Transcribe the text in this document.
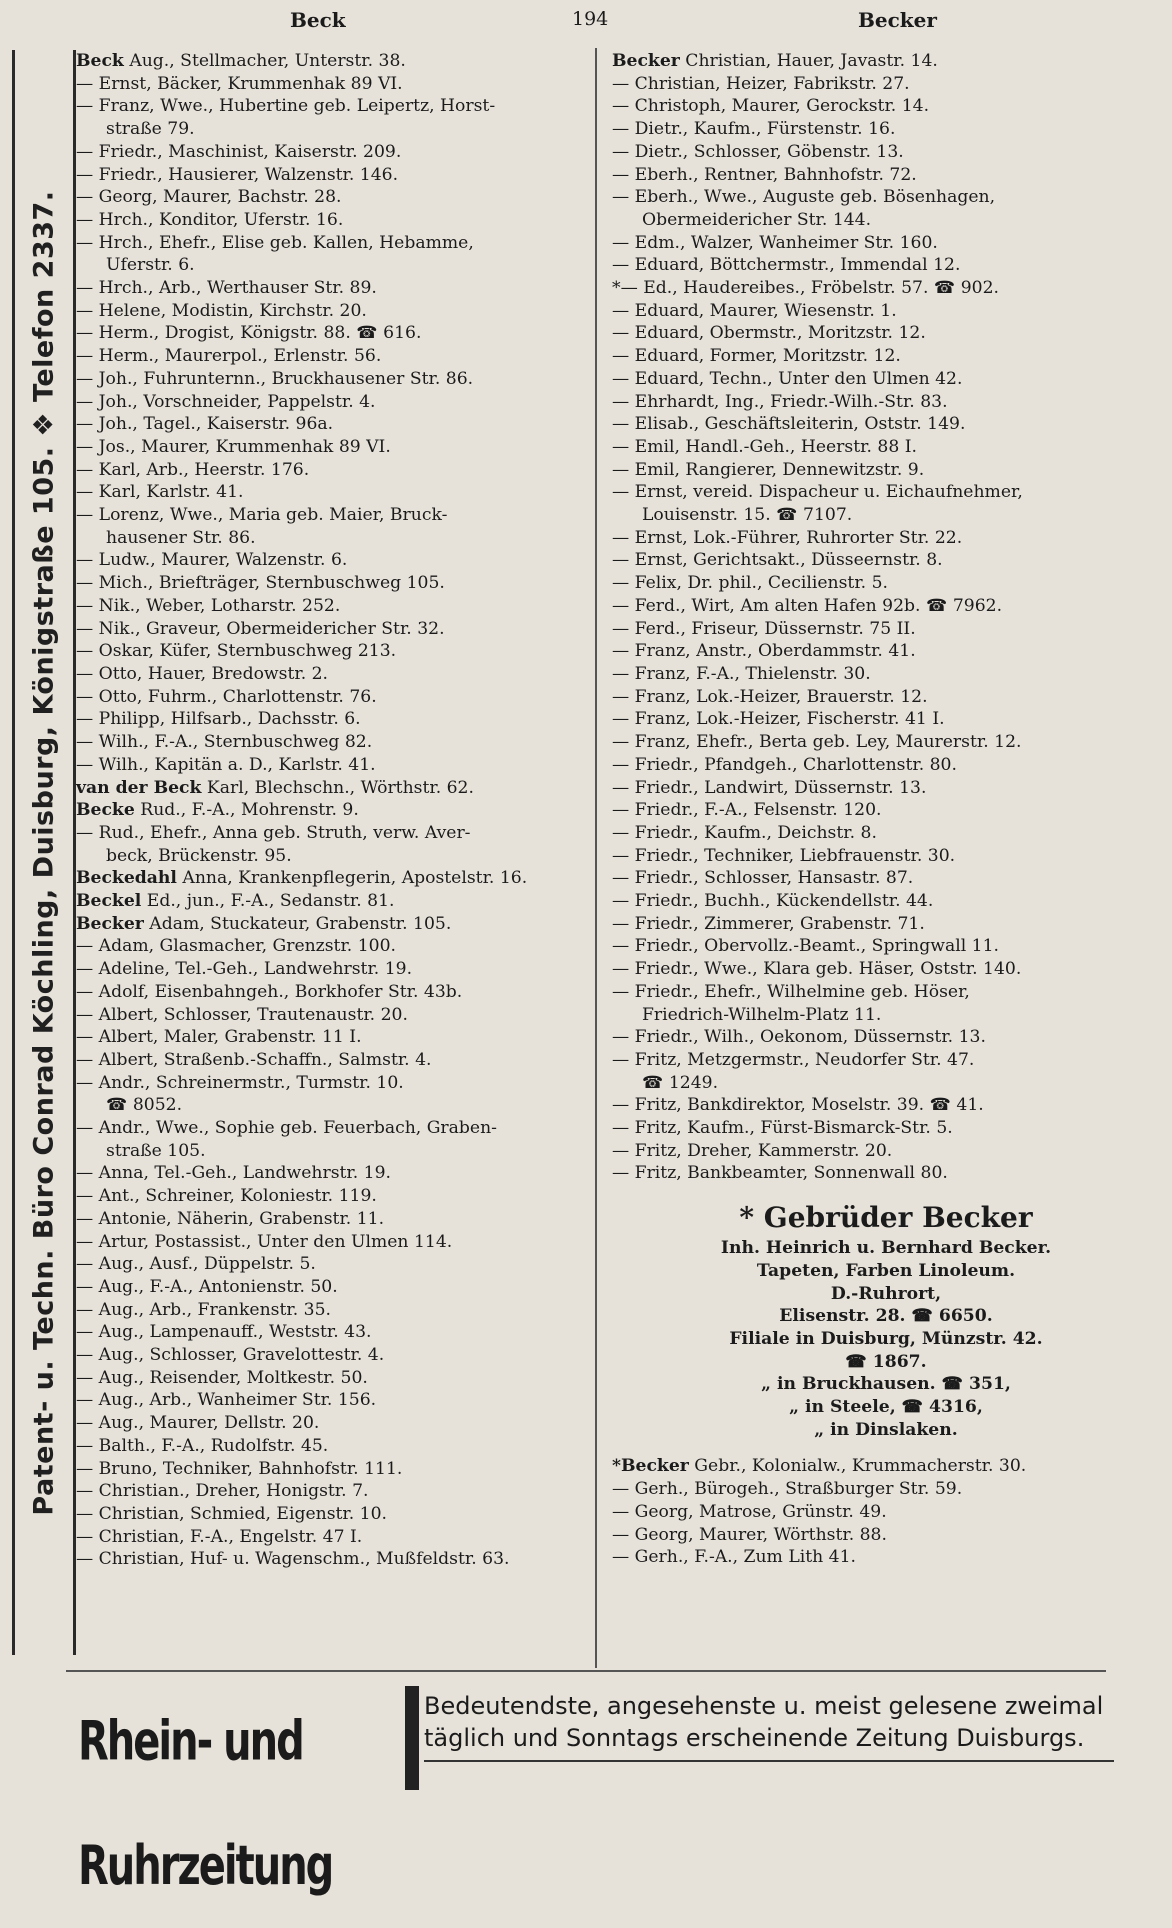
Patent- u. Techn. Büro Conrad Köchling, Duisburg, Königstraße 105. ❖ Telefon 2337.
Beck	194	Becker
Beck Aug., Stellmacher, Unterstr. 38.
— Ernst, Bäcker, Krummenhak 89 VI.
— Franz, Wwe., Hubertine geb. Leipertz, Horst-
straße 79.
— Friedr., Maschinist, Kaiserstr. 209.
— Friedr., Hausierer, Walzenstr. 146.
— Georg, Maurer, Bachstr. 28.
— Hrch., Konditor, Uferstr. 16.
— Hrch., Ehefr., Elise geb. Kallen, Hebamme,
Uferstr. 6.
— Hrch., Arb., Werthauser Str. 89.
— Helene, Modistin, Kirchstr. 20.
— Herm., Drogist, Königstr. 88. ☎ 616.
— Herm., Maurerpol., Erlenstr. 56.
— Joh., Fuhrunternn., Bruckhausener Str. 86.
— Joh., Vorschneider, Pappelstr. 4.
— Joh., Tagel., Kaiserstr. 96a.
— Jos., Maurer, Krummenhak 89 VI.
— Karl, Arb., Heerstr. 176.
— Karl, Karlstr. 41.
— Lorenz, Wwe., Maria geb. Maier, Bruck-
hausener Str. 86.
— Ludw., Maurer, Walzenstr. 6.
— Mich., Briefträger, Sternbuschweg 105.
— Nik., Weber, Lotharstr. 252.
— Nik., Graveur, Obermeidericher Str. 32.
— Oskar, Küfer, Sternbuschweg 213.
— Otto, Hauer, Bredowstr. 2.
— Otto, Fuhrm., Charlottenstr. 76.
— Philipp, Hilfsarb., Dachsstr. 6.
— Wilh., F.-A., Sternbuschweg 82.
— Wilh., Kapitän a. D., Karlstr. 41.
van der Beck Karl, Blechschn., Wörthstr. 62.
Becke Rud., F.-A., Mohrenstr. 9.
— Rud., Ehefr., Anna geb. Struth, verw. Aver-
beck, Brückenstr. 95.
Beckedahl Anna, Krankenpflegerin, Apostelstr. 16.
Beckel Ed., jun., F.-A., Sedanstr. 81.
Becker Adam, Stuckateur, Grabenstr. 105.
— Adam, Glasmacher, Grenzstr. 100.
— Adeline, Tel.-Geh., Landwehrstr. 19.
— Adolf, Eisenbahngeh., Borkhofer Str. 43b.
— Albert, Schlosser, Trautenaustr. 20.
— Albert, Maler, Grabenstr. 11 I.
— Albert, Straßenb.-Schaffn., Salmstr. 4.
— Andr., Schreinermstr., Turmstr. 10.
☎ 8052.
— Andr., Wwe., Sophie geb. Feuerbach, Graben-
straße 105.
— Anna, Tel.-Geh., Landwehrstr. 19.
— Ant., Schreiner, Koloniestr. 119.
— Antonie, Näherin, Grabenstr. 11.
— Artur, Postassist., Unter den Ulmen 114.
— Aug., Ausf., Düppelstr. 5.
— Aug., F.-A., Antonienstr. 50.
— Aug., Arb., Frankenstr. 35.
— Aug., Lampenauff., Weststr. 43.
— Aug., Schlosser, Gravelottestr. 4.
— Aug., Reisender, Moltkestr. 50.
— Aug., Arb., Wanheimer Str. 156.
— Aug., Maurer, Dellstr. 20.
— Balth., F.-A., Rudolfstr. 45.
— Bruno, Techniker, Bahnhofstr. 111.
— Christian., Dreher, Honigstr. 7.
— Christian, Schmied, Eigenstr. 10.
— Christian, F.-A., Engelstr. 47 I.
— Christian, Huf- u. Wagenschm., Mußfeldstr. 63.
Becker Christian, Hauer, Javastr. 14.
— Christian, Heizer, Fabrikstr. 27.
— Christoph, Maurer, Gerockstr. 14.
— Dietr., Kaufm., Fürstenstr. 16.
— Dietr., Schlosser, Göbenstr. 13.
— Eberh., Rentner, Bahnhofstr. 72.
— Eberh., Wwe., Auguste geb. Bösenhagen,
Obermeidericher Str. 144.
— Edm., Walzer, Wanheimer Str. 160.
— Eduard, Böttchermstr., Immendal 12.
*— Ed., Haudereibes., Fröbelstr. 57. ☎ 902.
— Eduard, Maurer, Wiesenstr. 1.
— Eduard, Obermstr., Moritzstr. 12.
— Eduard, Former, Moritzstr. 12.
— Eduard, Techn., Unter den Ulmen 42.
— Ehrhardt, Ing., Friedr.-Wilh.-Str. 83.
— Elisab., Geschäftsleiterin, Oststr. 149.
— Emil, Handl.-Geh., Heerstr. 88 I.
— Emil, Rangierer, Dennewitzstr. 9.
— Ernst, vereid. Dispacheur u. Eichaufnehmer,
Louisenstr. 15. ☎ 7107.
— Ernst, Lok.-Führer, Ruhrorter Str. 22.
— Ernst, Gerichtsakt., Düsseernstr. 8.
— Felix, Dr. phil., Cecilienstr. 5.
— Ferd., Wirt, Am alten Hafen 92b. ☎ 7962.
— Ferd., Friseur, Düssernstr. 75 II.
— Franz, Anstr., Oberdammstr. 41.
— Franz, F.-A., Thielenstr. 30.
— Franz, Lok.-Heizer, Brauerstr. 12.
— Franz, Lok.-Heizer, Fischerstr. 41 I.
— Franz, Ehefr., Berta geb. Ley, Maurerstr. 12.
— Friedr., Pfandgeh., Charlottenstr. 80.
— Friedr., Landwirt, Düssernstr. 13.
— Friedr., F.-A., Felsenstr. 120.
— Friedr., Kaufm., Deichstr. 8.
— Friedr., Techniker, Liebfrauenstr. 30.
— Friedr., Schlosser, Hansastr. 87.
— Friedr., Buchh., Kückendellstr. 44.
— Friedr., Zimmerer, Grabenstr. 71.
— Friedr., Obervollz.-Beamt., Springwall 11.
— Friedr., Wwe., Klara geb. Häser, Oststr. 140.
— Friedr., Ehefr., Wilhelmine geb. Höser,
Friedrich-Wilhelm-Platz 11.
— Friedr., Wilh., Oekonom, Düssernstr. 13.
— Fritz, Metzgermstr., Neudorfer Str. 47.
☎ 1249.
— Fritz, Bankdirektor, Moselstr. 39. ☎ 41.
— Fritz, Kaufm., Fürst-Bismarck-Str. 5.
— Fritz, Dreher, Kammerstr. 20.
— Fritz, Bankbeamter, Sonnenwall 80.
* Gebrüder Becker
Inh. Heinrich u. Bernhard Becker.
Tapeten, Farben Linoleum.
D.-Ruhrort,
Elisenstr. 28. ☎ 6650.
Filiale in Duisburg, Münzstr. 42.
☎ 1867.
„ in Bruckhausen. ☎ 351,
„ in Steele, ☎ 4316,
„ in Dinslaken.
*Becker Gebr., Kolonialw., Krummacherstr. 30.
— Gerh., Bürogeh., Straßburger Str. 59.
— Georg, Matrose, Grünstr. 49.
— Georg, Maurer, Wörthstr. 88.
— Gerh., F.-A., Zum Lith 41.
Rhein- und Ruhrzeitung
Bedeutendste, angesehenste u. meist gelesene zweimal
täglich und Sonntags erscheinende Zeitung Duisburgs.
